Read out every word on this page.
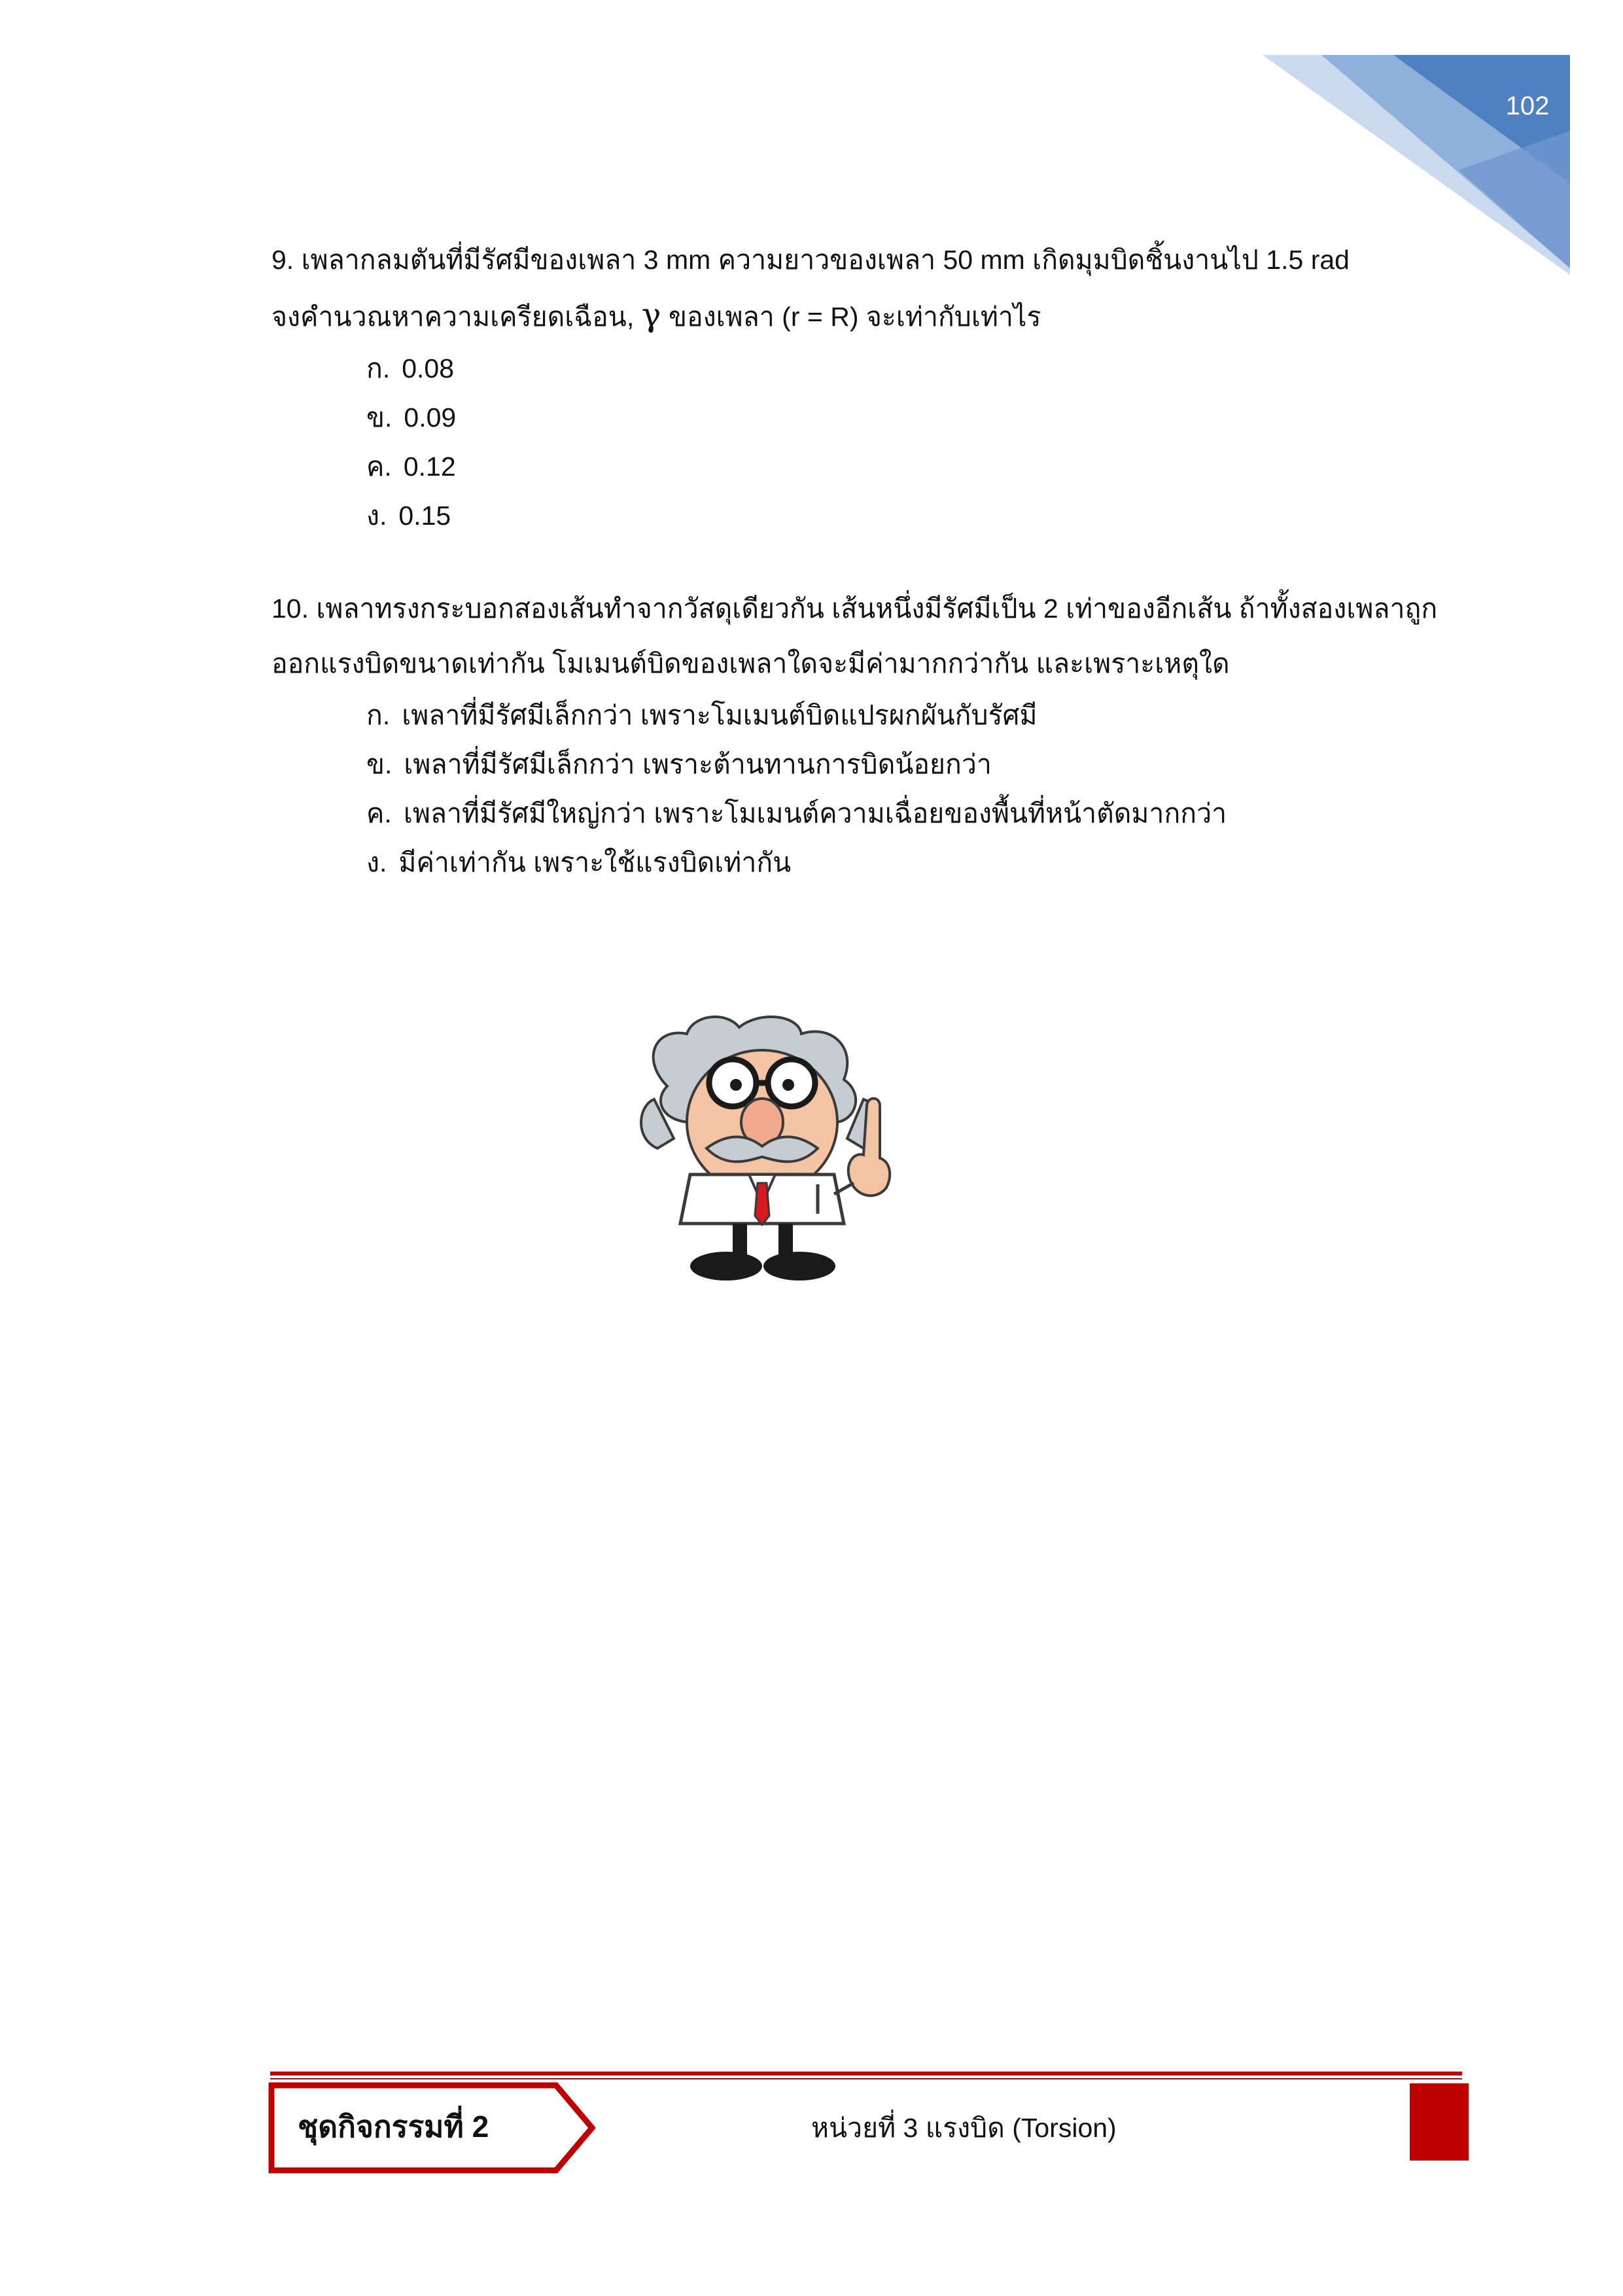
102
9. เพลากลมตันที่มีรัศมีของเพลา 3 mm ความยาวของเพลา 50 mm เกิดมุมบิดชิ้นงานไป 1.5 rad
จงคำนวณหาความเครียดเฉือน, γ ของเพลา (r = R) จะเท่ากับเท่าไร
ก. 0.08
ข. 0.09
ค. 0.12
ง. 0.15
10. เพลาทรงกระบอกสองเส้นทำจากวัสดุเดียวกัน เส้นหนึ่งมีรัศมีเป็น 2 เท่าของอีกเส้น ถ้าทั้งสองเพลาถูก
ออกแรงบิดขนาดเท่ากัน โมเมนต์บิดของเพลาใดจะมีค่ามากกว่ากัน และเพราะเหตุใด
ก. เพลาที่มีรัศมีเล็กกว่า เพราะโมเมนต์บิดแปรผกผันกับรัศมี
ข. เพลาที่มีรัศมีเล็กกว่า เพราะต้านทานการบิดน้อยกว่า
ค. เพลาที่มีรัศมีใหญ่กว่า เพราะโมเมนต์ความเฉื่อยของพื้นที่หน้าตัดมากกว่า
ง. มีค่าเท่ากัน เพราะใช้แรงบิดเท่ากัน
ชุดกิจกรรมที่ 2	หน่วยที่ 3 แรงบิด (Torsion)
